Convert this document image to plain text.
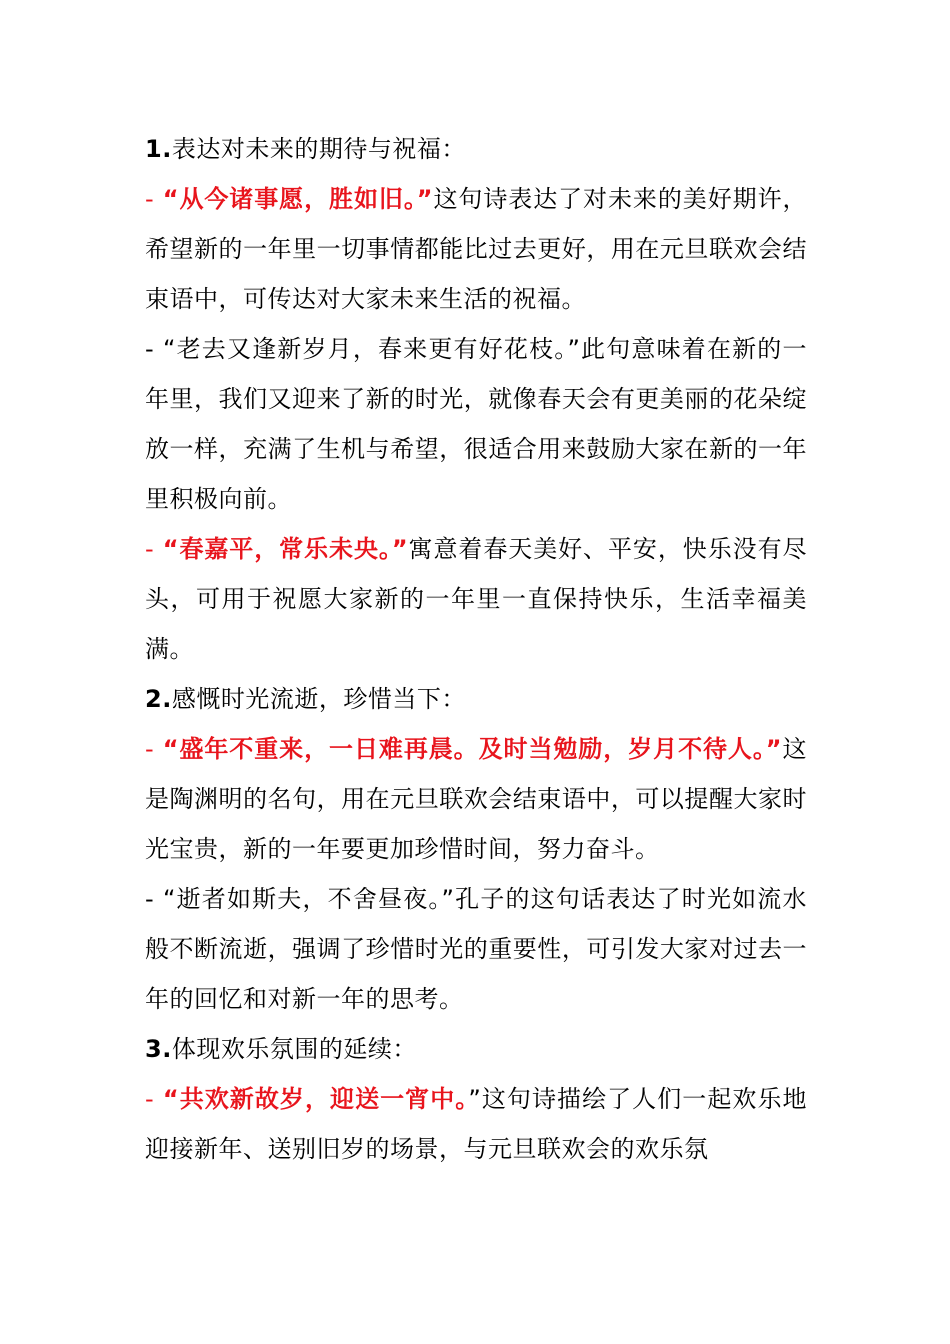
1.表达对未来的期待与祝福：

- “从今诸事愿，胜如旧。”这句诗表达了对未来的美好期许，希望新的一年里一切事情都能比过去更好，用在元旦联欢会结束语中，可传达对大家未来生活的祝福。

- “老去又逢新岁月，春来更有好花枝。”此句意味着在新的一年里，我们又迎来了新的时光，就像春天会有更美丽的花朵绽放一样，充满了生机与希望，很适合用来鼓励大家在新的一年里积极向前。

- “春嘉平，常乐未央。”寓意着春天美好、平安，快乐没有尽头，可用于祝愿大家新的一年里一直保持快乐，生活幸福美满。

2.感慨时光流逝，珍惜当下：

- “盛年不重来，一日难再晨。及时当勉励，岁月不待人。”这是陶渊明的名句，用在元旦联欢会结束语中，可以提醒大家时光宝贵，新的一年要更加珍惜时间，努力奋斗。

- “逝者如斯夫，不舍昼夜。”孔子的这句话表达了时光如流水般不断流逝，强调了珍惜时光的重要性，可引发大家对过去一年的回忆和对新一年的思考。

3.体现欢乐氛围的延续：

- “共欢新故岁，迎送一宵中。”这句诗描绘了人们一起欢乐地迎接新年、送别旧岁的场景，与元旦联欢会的欢乐氛
